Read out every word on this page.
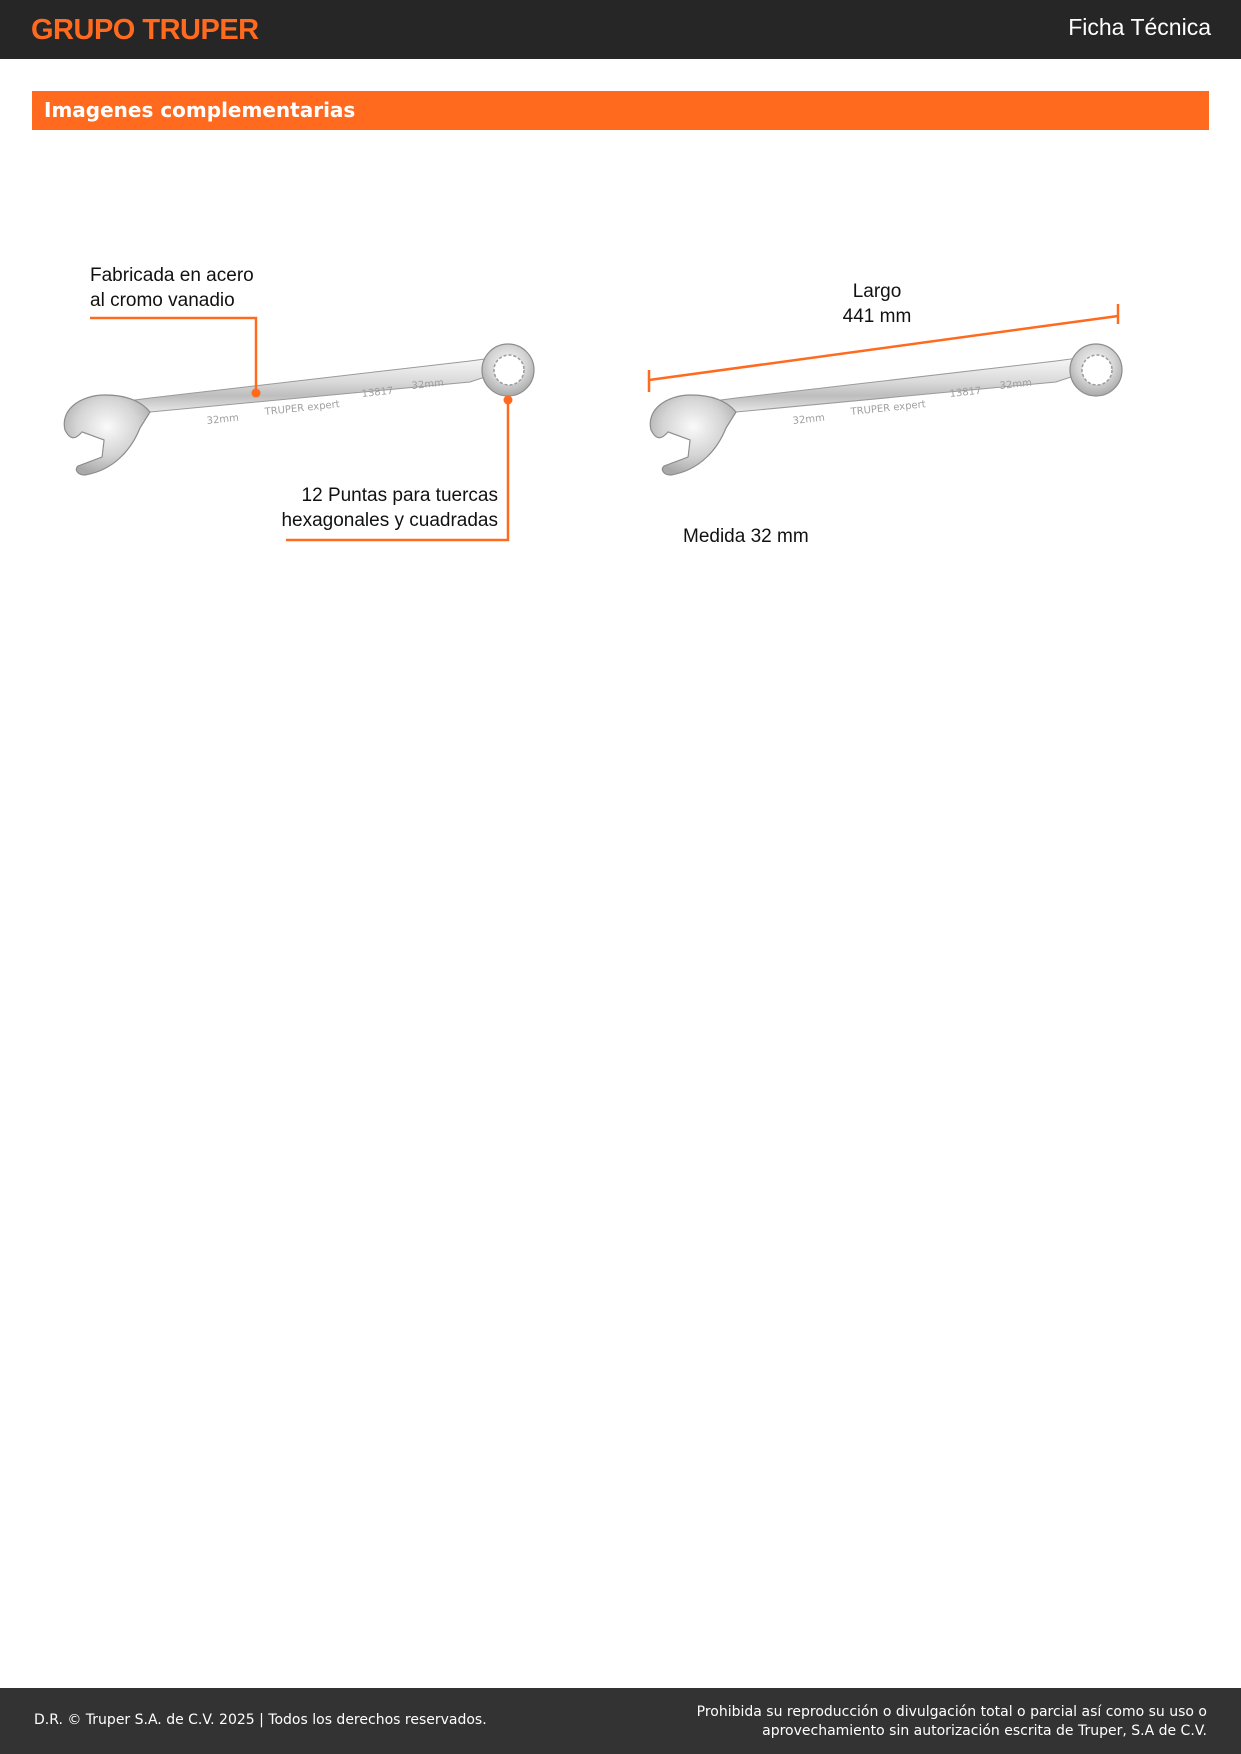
GRUPO TRUPER	Ficha Técnica
Imagenes complementarias
32mm
TRUPER expert
13817
32mm
32mm
TRUPER expert
13817
32mm
Fabricada en acero
al cromo vanadio
12 Puntas para tuercas
hexagonales y cuadradas
Largo
441 mm
Medida 32 mm
D.R. © Truper S.A. de C.V. 2025 | Todos los derechos reservados.	Prohibida su reproducción o divulgación total o parcial así como su uso o
aprovechamiento sin autorización escrita de Truper, S.A de C.V.
